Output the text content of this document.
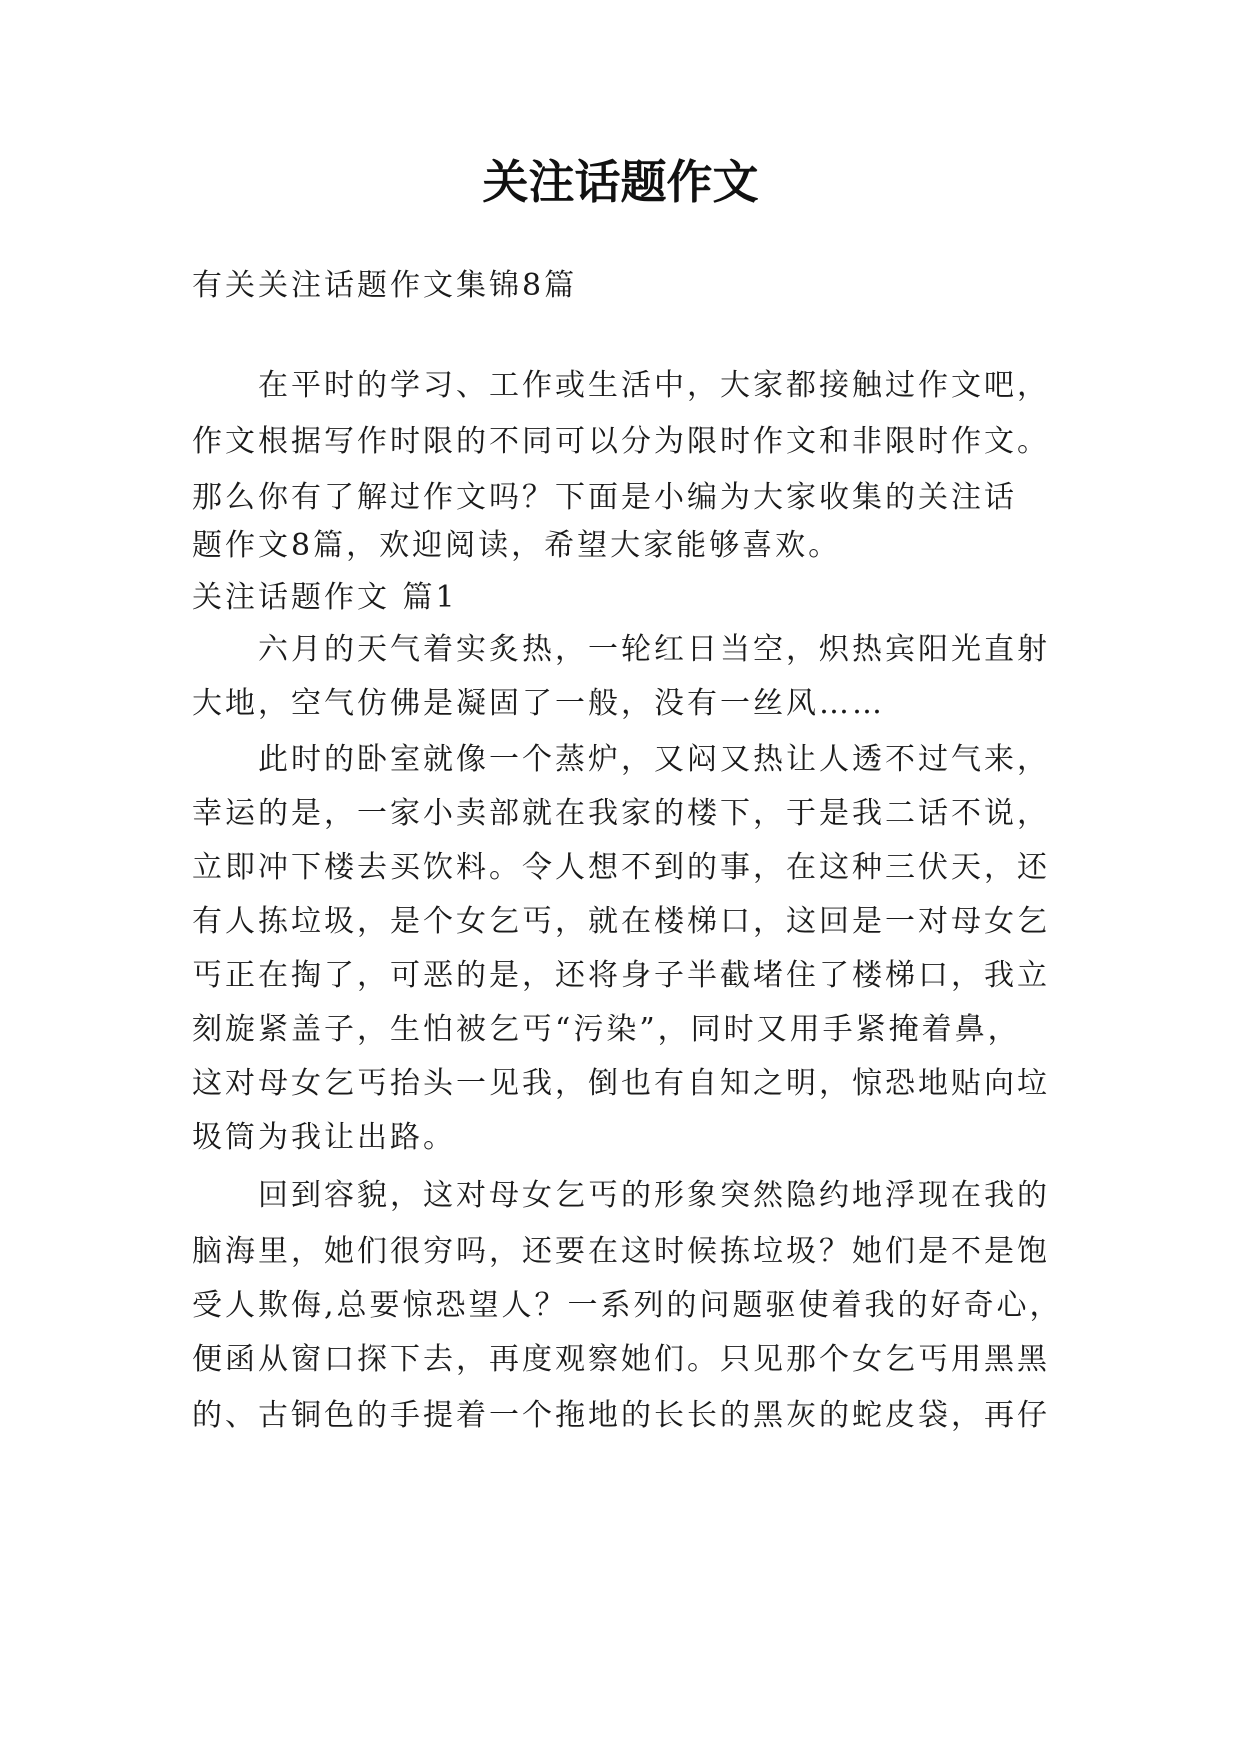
关注话题作文

有关关注话题作文集锦8篇

在平时的学习、工作或生活中，大家都接触过作文吧，

作文根据写作时限的不同可以分为限时作文和非限时作文。

那么你有了解过作文吗？下面是小编为大家收集的关注话

题作文8篇，欢迎阅读，希望大家能够喜欢。

关注话题作文 篇1

六月的天气着实炙热，一轮红日当空，炽热宾阳光直射

大地，空气仿佛是凝固了一般，没有一丝风……

此时的卧室就像一个蒸炉，又闷又热让人透不过气来，

幸运的是，一家小卖部就在我家的楼下，于是我二话不说，

立即冲下楼去买饮料。令人想不到的事，在这种三伏天，还

有人拣垃圾，是个女乞丐，就在楼梯口，这回是一对母女乞

丐正在掏了，可恶的是，还将身子半截堵住了楼梯口，我立

刻旋紧盖子，生怕被乞丐“污染”，同时又用手紧掩着鼻，

这对母女乞丐抬头一见我，倒也有自知之明，惊恐地贴向垃

圾筒为我让出路。

回到容貌，这对母女乞丐的形象突然隐约地浮现在我的

脑海里，她们很穷吗，还要在这时候拣垃圾？她们是不是饱

受人欺侮,总要惊恐望人？一系列的问题驱使着我的好奇心，

便函从窗口探下去，再度观察她们。只见那个女乞丐用黑黑

的、古铜色的手提着一个拖地的长长的黑灰的蛇皮袋，再仔
